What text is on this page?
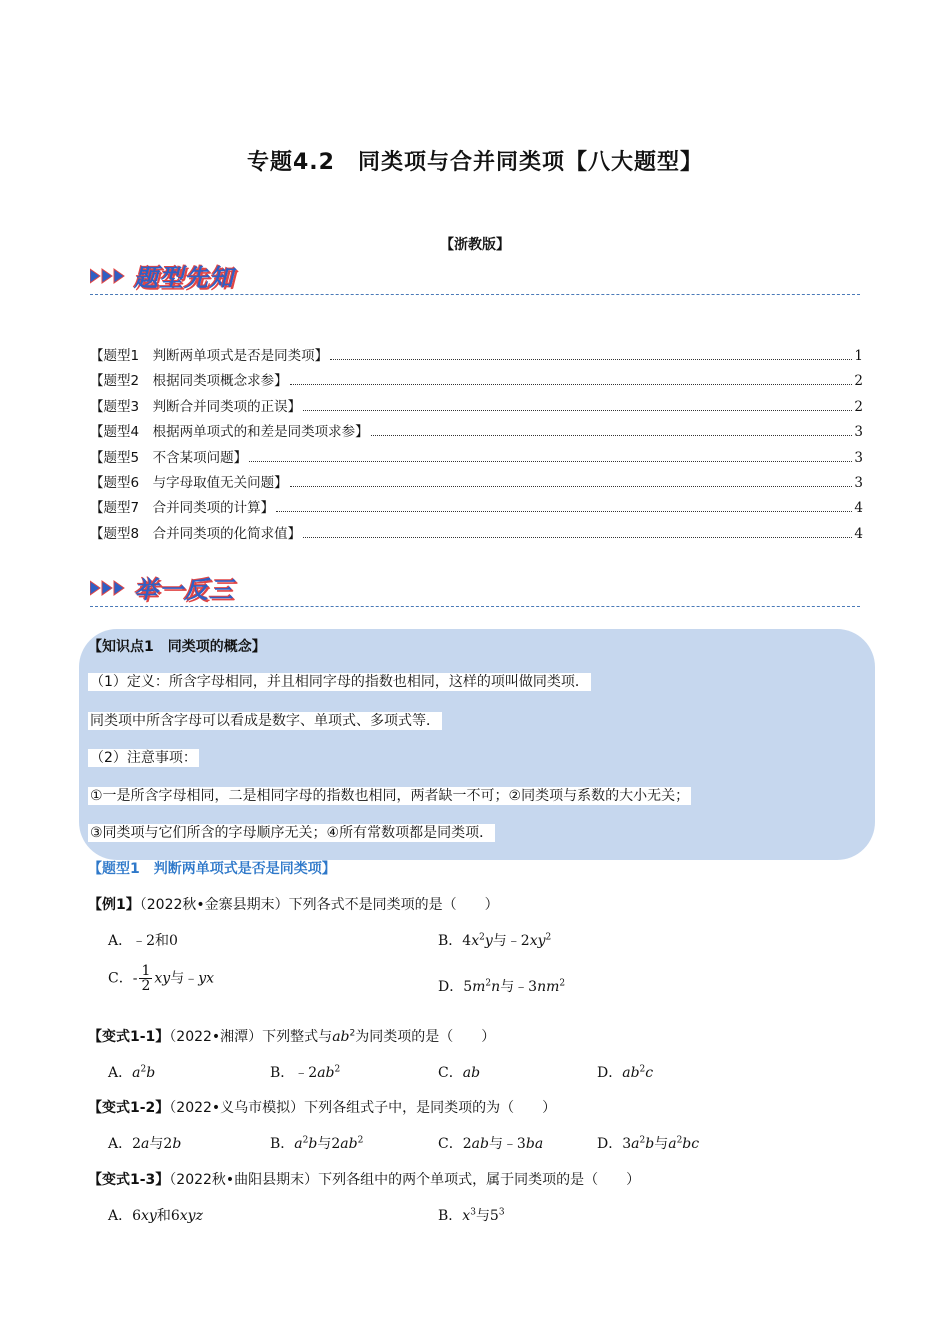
专题4.2　同类项与合并同类项【八大题型】
【浙教版】
题型先知
【题型1　判断两单项式是否是同类项】	1
【题型2　根据同类项概念求参】	2
【题型3　判断合并同类项的正误】	2
【题型4　根据两单项式的和差是同类项求参】	3
【题型5　不含某项问题】	3
【题型6　与字母取值无关问题】	3
【题型7　合并同类项的计算】	4
【题型8　合并同类项的化简求值】	4
举一反三
【知识点1　同类项的概念】
（1）定义：所含字母相同，并且相同字母的指数也相同，这样的项叫做同类项．
同类项中所含字母可以看成是数字、单项式、多项式等．
（2）注意事项：
①一是所含字母相同，二是相同字母的指数也相同，两者缺一不可；②同类项与系数的大小无关；
③同类项与它们所含的字母顺序无关；④所有常数项都是同类项．
【题型1　判断两单项式是否是同类项】
【例1】（2022秋•金寨县期末）下列各式不是同类项的是（　　）
A．﹣2和0	B．$4x^2y$与$﹣2xy^2$
C．- $\frac{1}{2}$ xy与﹣yx
D．$5m^2n$与$﹣3nm^2$
【变式1-1】（2022•湘潭）下列整式与$ab^2$为同类项的是（　　）
A．$a^2b$	B．$﹣2ab^2$	C．ab	D．$ab^2c$
【变式1-2】（2022•义乌市模拟）下列各组式子中，是同类项的为（　　）
A．2a与2b	B．$a^2b$与$2ab^2$	C．2ab与﹣3ba	D．$3a^2b$与$a^2bc$
【变式1-3】（2022秋•曲阳县期末）下列各组中的两个单项式，属于同类项的是（　　）
A．6xy和6xyz	B．$x^3$与$5^3$
